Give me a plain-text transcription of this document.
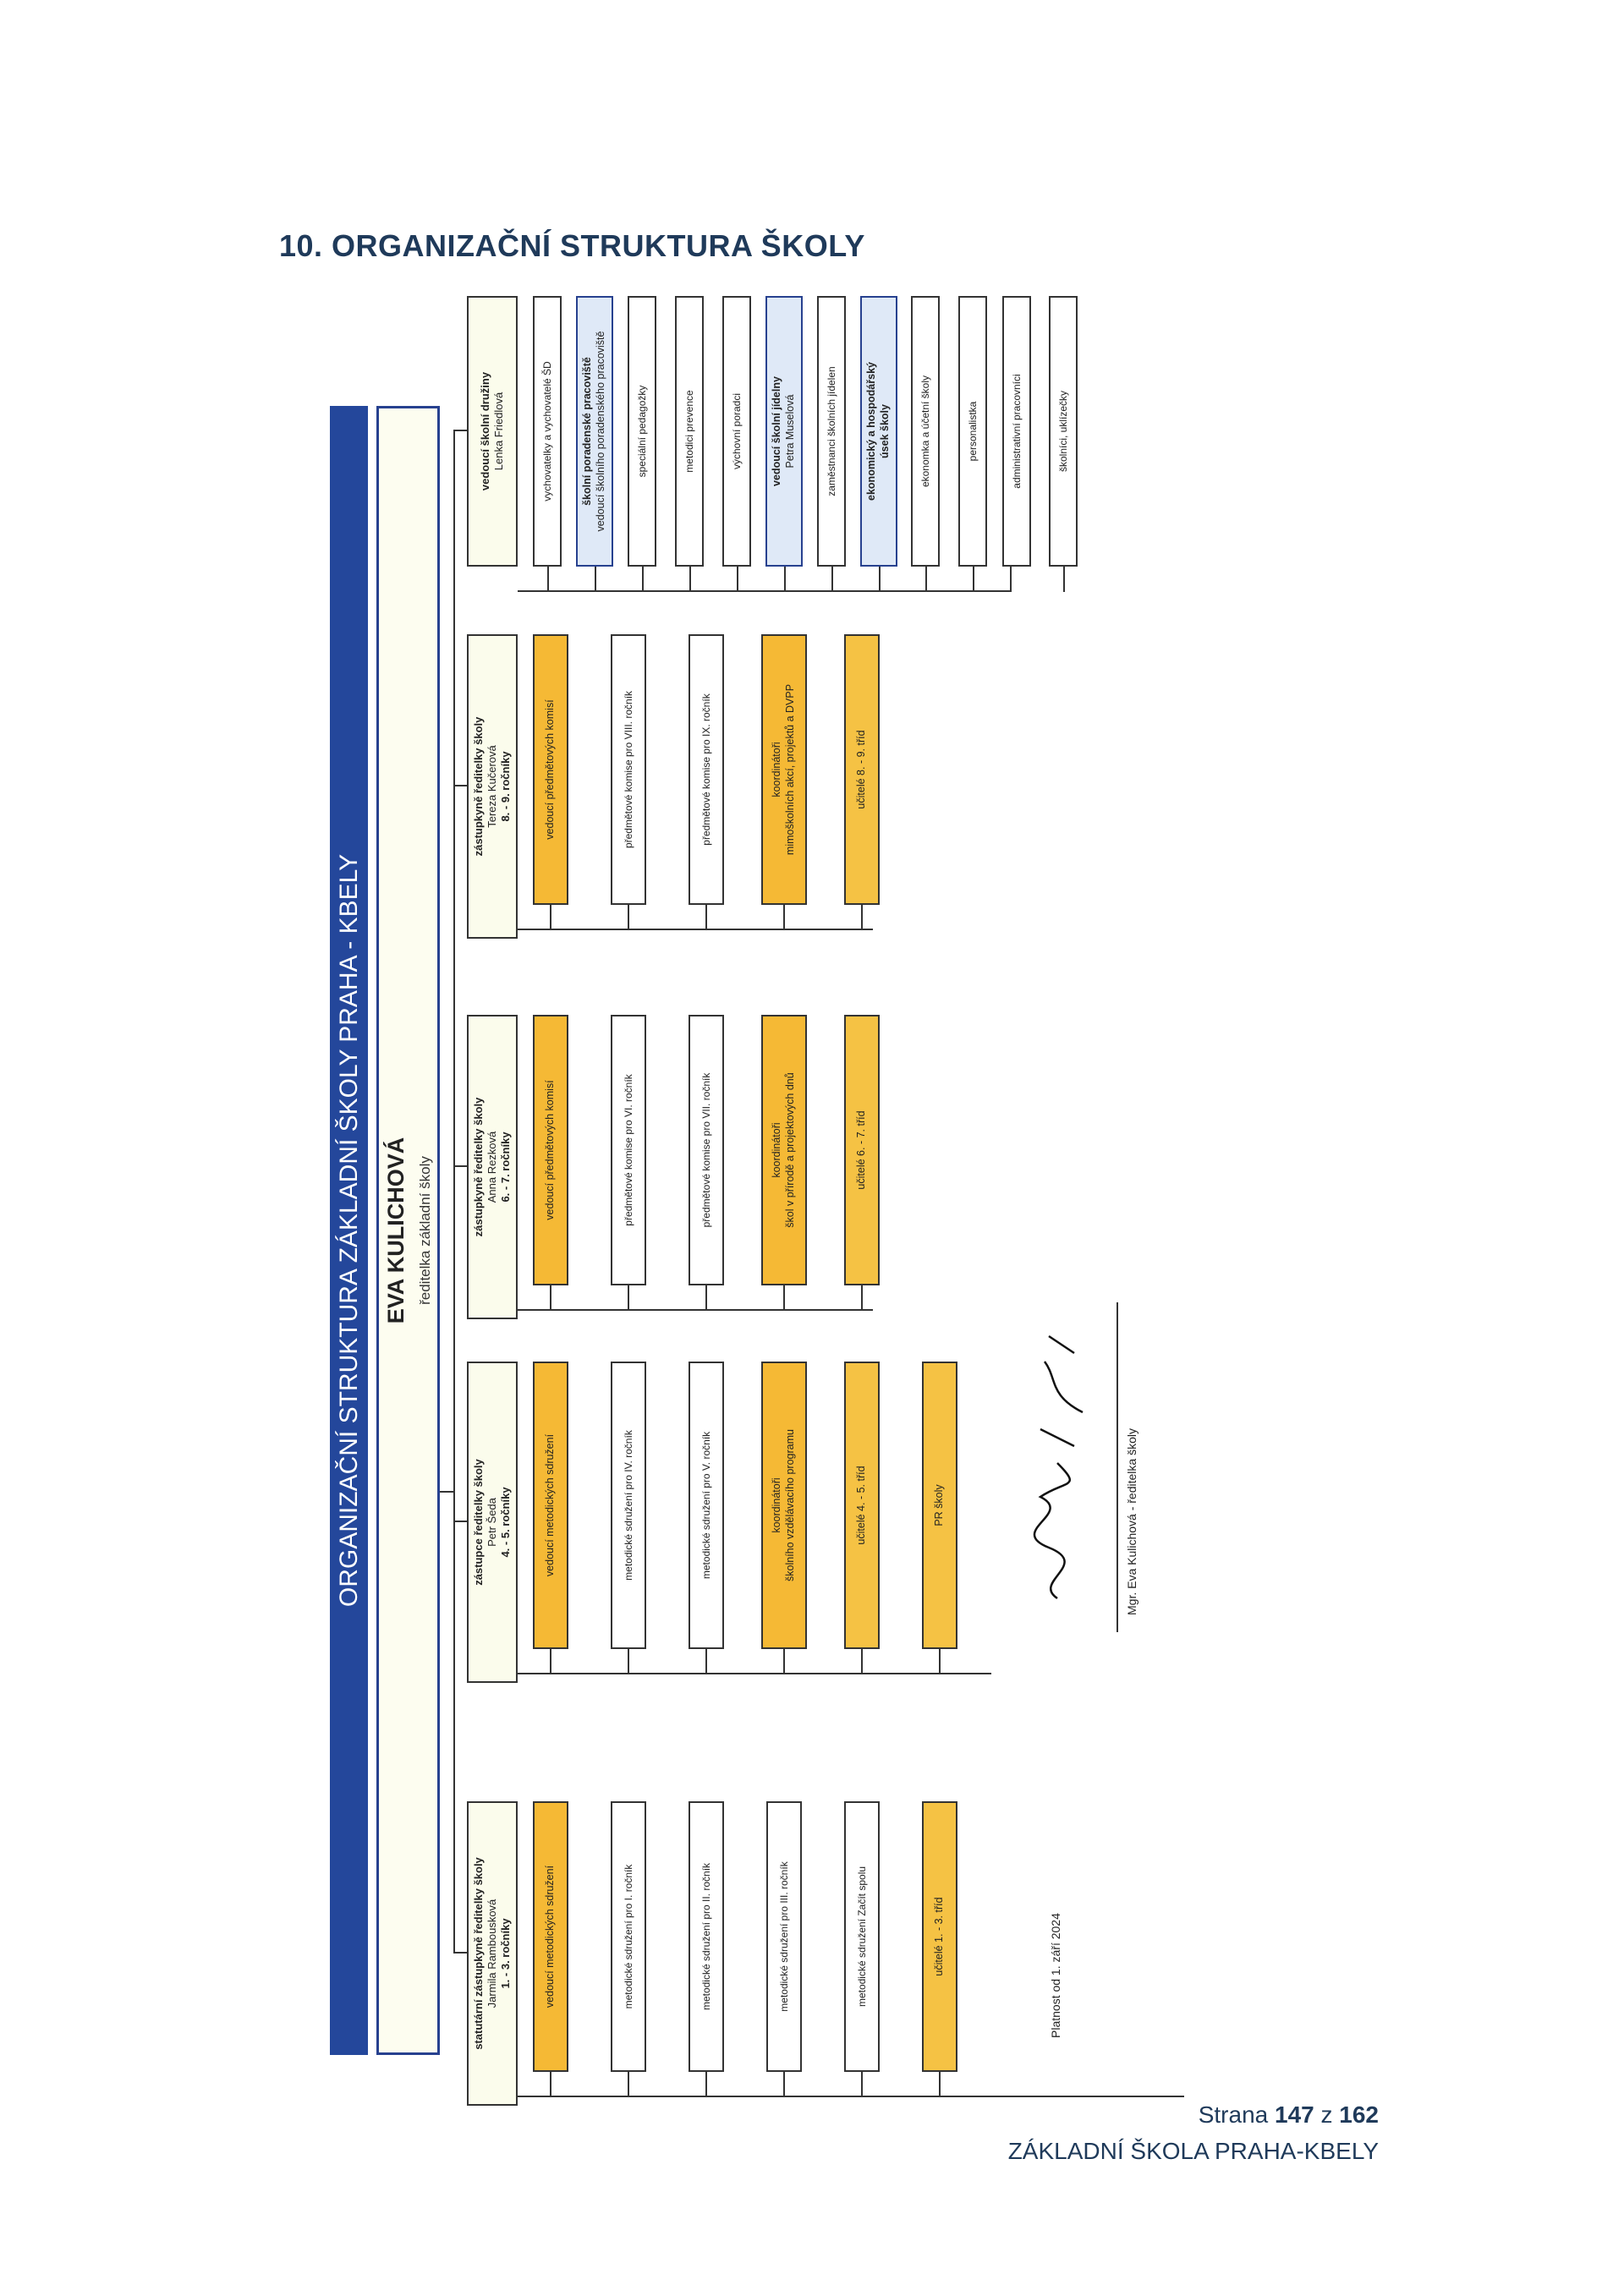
10. ORGANIZAČNÍ STRUKTURA ŠKOLY
ORGANIZAČNÍ STRUKTURA ZÁKLADNÍ ŠKOLY PRAHA - KBELY EVA KULICHOVÁ ředitelka základní školy
statutární zástupkyně ředitelky školy Jarmila Rambousková 1. - 3. ročníky
zástupce ředitelky školy Petr Šeda 4. - 5. ročníky
zástupkyně ředitelky školy Anna Rezková 6. - 7. ročníky
zástupkyně ředitelky školy Tereza Kučerová 8. - 9. ročníky
vedoucí školní družiny Lenka Friedlová
vedoucí metodických sdružení	metodické sdružení pro I. ročník	metodické sdružení pro II. ročník	metodické sdružení pro III. ročník	metodické sdružení Začít spolu	učitelé 1. - 3. tříd
vedoucí metodických sdružení	metodické sdružení pro IV. ročník	metodické sdružení pro V. ročník	koordinátoři školního vzdělávacího programu	učitelé 4. - 5. tříd	PR školy
vedoucí předmětových komisí	předmětové komise pro VI. ročník	předmětové komise pro VII. ročník	koordinátoři škol v přírodě a projektových dnů	učitelé 6. - 7. tříd
vedoucí předmětových komisí	předmětové komise pro VIII. ročník	předmětové komise pro IX. ročník	koordinátoři mimoškolních akcí, projektů a DVPP	učitelé 8. - 9. tříd
vychovatelky a vychovatelé ŠD	školní poradenské pracoviště vedoucí školního poradenského pracoviště	speciální pedagožky	metodici prevence	výchovní poradci	vedoucí školní jídelny Petra Muselová	zaměstnanci školních jídelen	ekonomický a hospodářský úsek školy	ekonomka a účetní školy	personalistka	administrativní pracovníci	školníci, uklízečky
Platnost od 1. září 2024
Mgr. Eva Kulichová - ředitelka školy
Strana 147 z 162
ZÁKLADNÍ ŠKOLA PRAHA-KBELY
